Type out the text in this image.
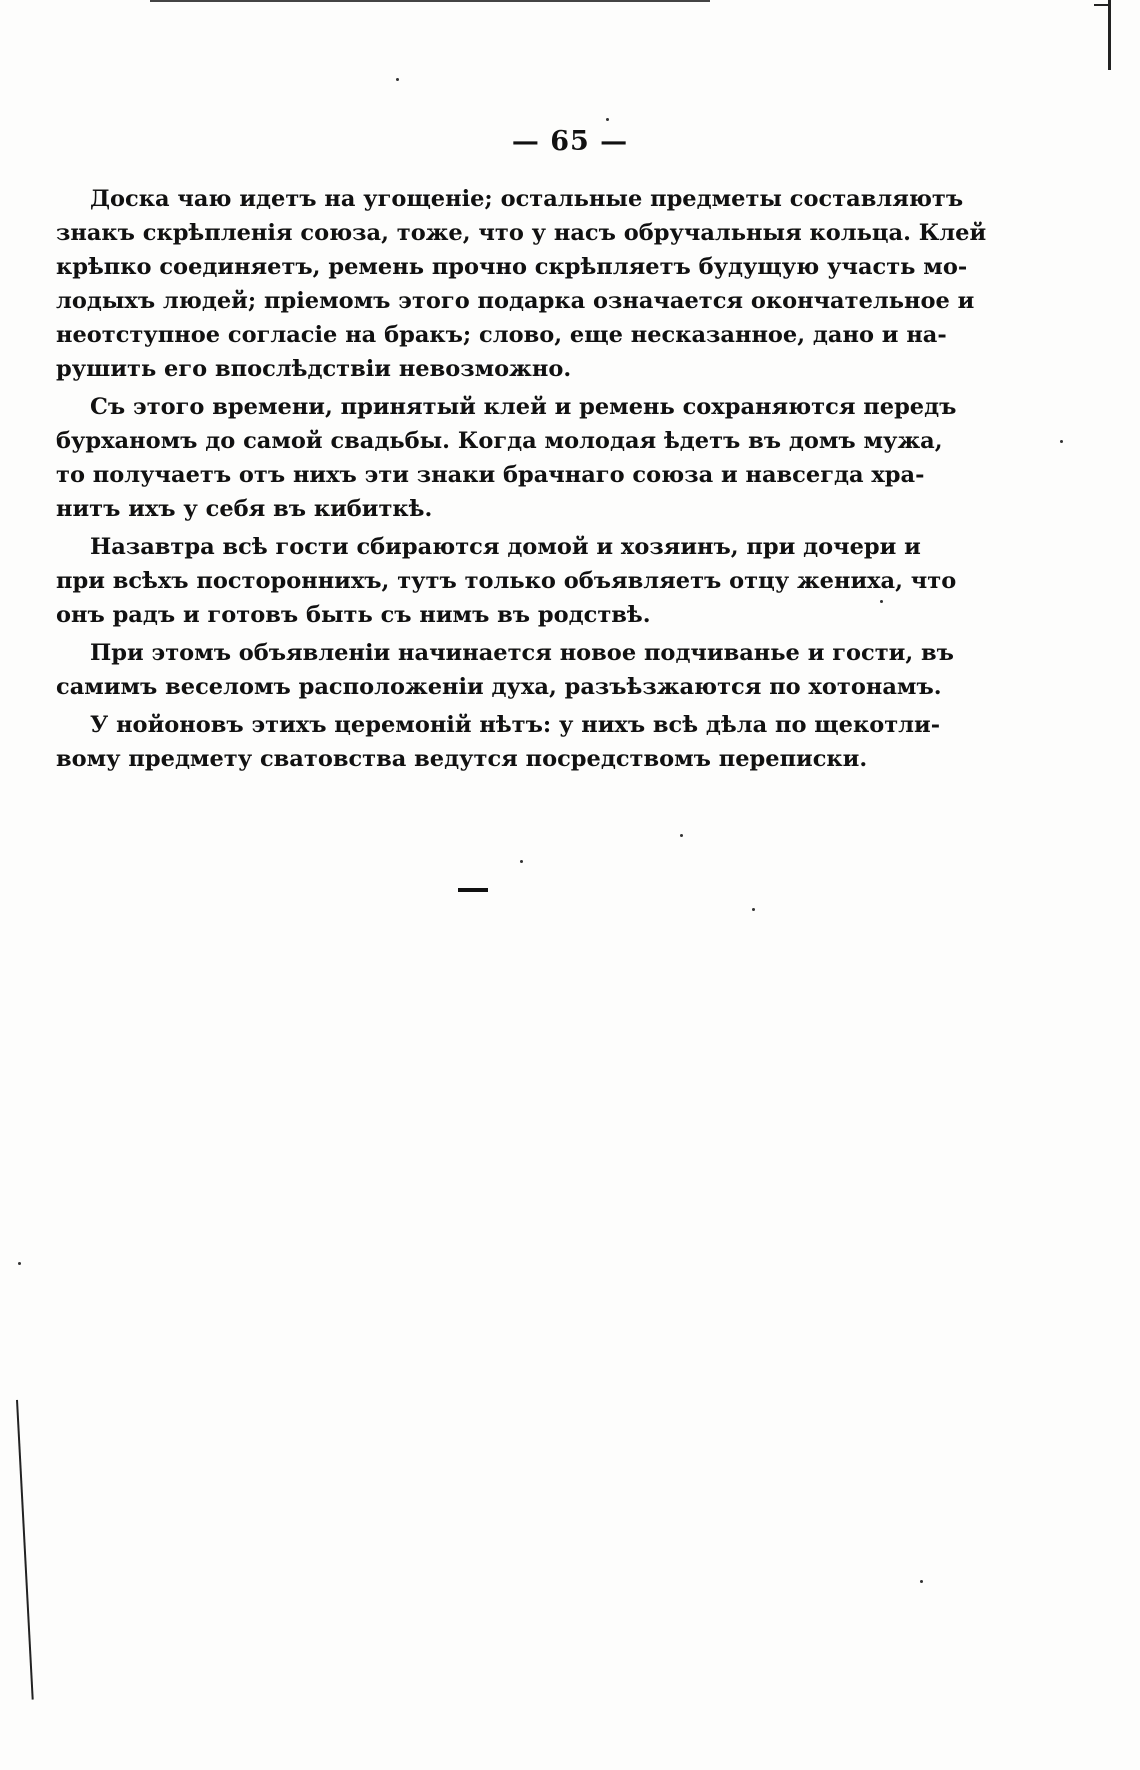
— 65 —
Доска чаю идетъ на угощеніе; остальные предметы составляютъ
знакъ скрѣпленія союза, тоже, что у насъ обручальныя кольца. Клей
крѣпко соединяетъ, ремень прочно скрѣпляетъ будущую участь мо-
лодыхъ людей; пріемомъ этого подарка означается окончательное и
неотступное согласіе на бракъ; слово, еще несказанное, дано и на-
рушить его впослѣдствіи невозможно.
Съ этого времени, принятый клей и ремень сохраняются передъ
бурханомъ до самой свадьбы. Когда молодая ѣдетъ въ домъ мужа,
то получаетъ отъ нихъ эти знаки брачнаго союза и навсегда хра-
нитъ ихъ у себя въ кибиткѣ.
Назавтра всѣ гости сбираются домой и хозяинъ, при дочери и
при всѣхъ постороннихъ, тутъ только объявляетъ отцу жениха, что
онъ радъ и готовъ быть съ нимъ въ родствѣ.
При этомъ объявленіи начинается новое подчиванье и гости, въ
самимъ веселомъ расположеніи духа, разъѣзжаются по хотонамъ.
У нойоновъ этихъ церемоній нѣтъ: у нихъ всѣ дѣла по щекотли-
вому предмету сватовства ведутся посредствомъ переписки.
